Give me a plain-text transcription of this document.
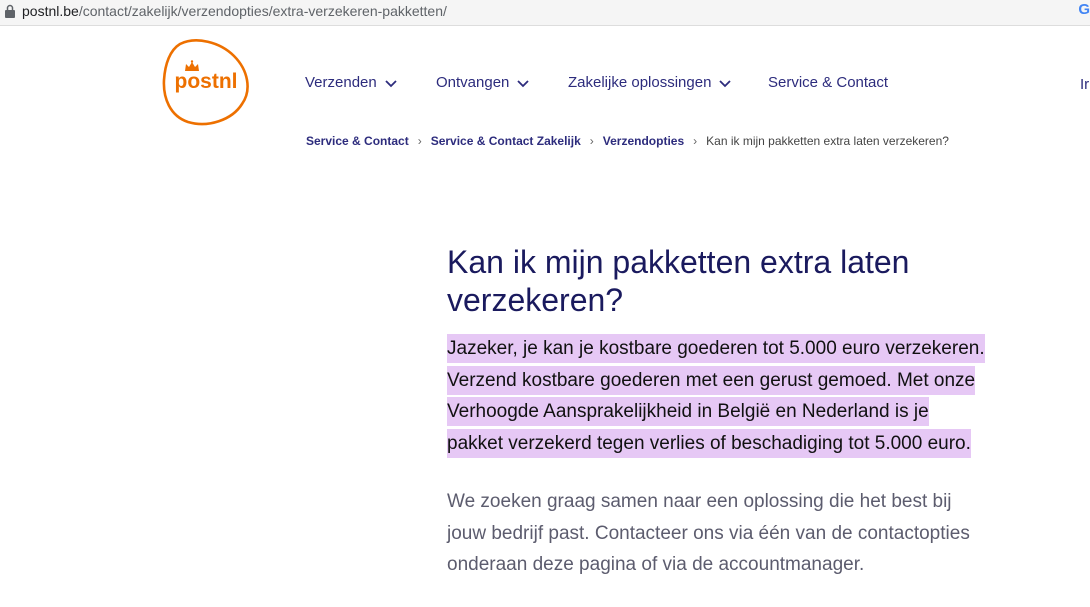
postnl.be/contact/zakelijk/verzendopties/extra-verzekeren-pakketten/	G
postnl	Verzenden	Ontvangen	Zakelijke oplossingen	Service & Contact	Ir
Service & Contact › Service & Contact Zakelijk › Verzendopties › Kan ik mijn pakketten extra laten verzekeren?
Kan ik mijn pakketten extra laten verzekeren?

Jazeker, je kan je kostbare goederen tot 5.000 euro verzekeren. Verzend kostbare goederen met een gerust gemoed. Met onze Verhoogde Aansprakelijkheid in België en Nederland is je pakket verzekerd tegen verlies of beschadiging tot 5.000 euro.

We zoeken graag samen naar een oplossing die het best bij jouw bedrijf past. Contacteer ons via één van de contactopties onderaan deze pagina of via de accountmanager.
